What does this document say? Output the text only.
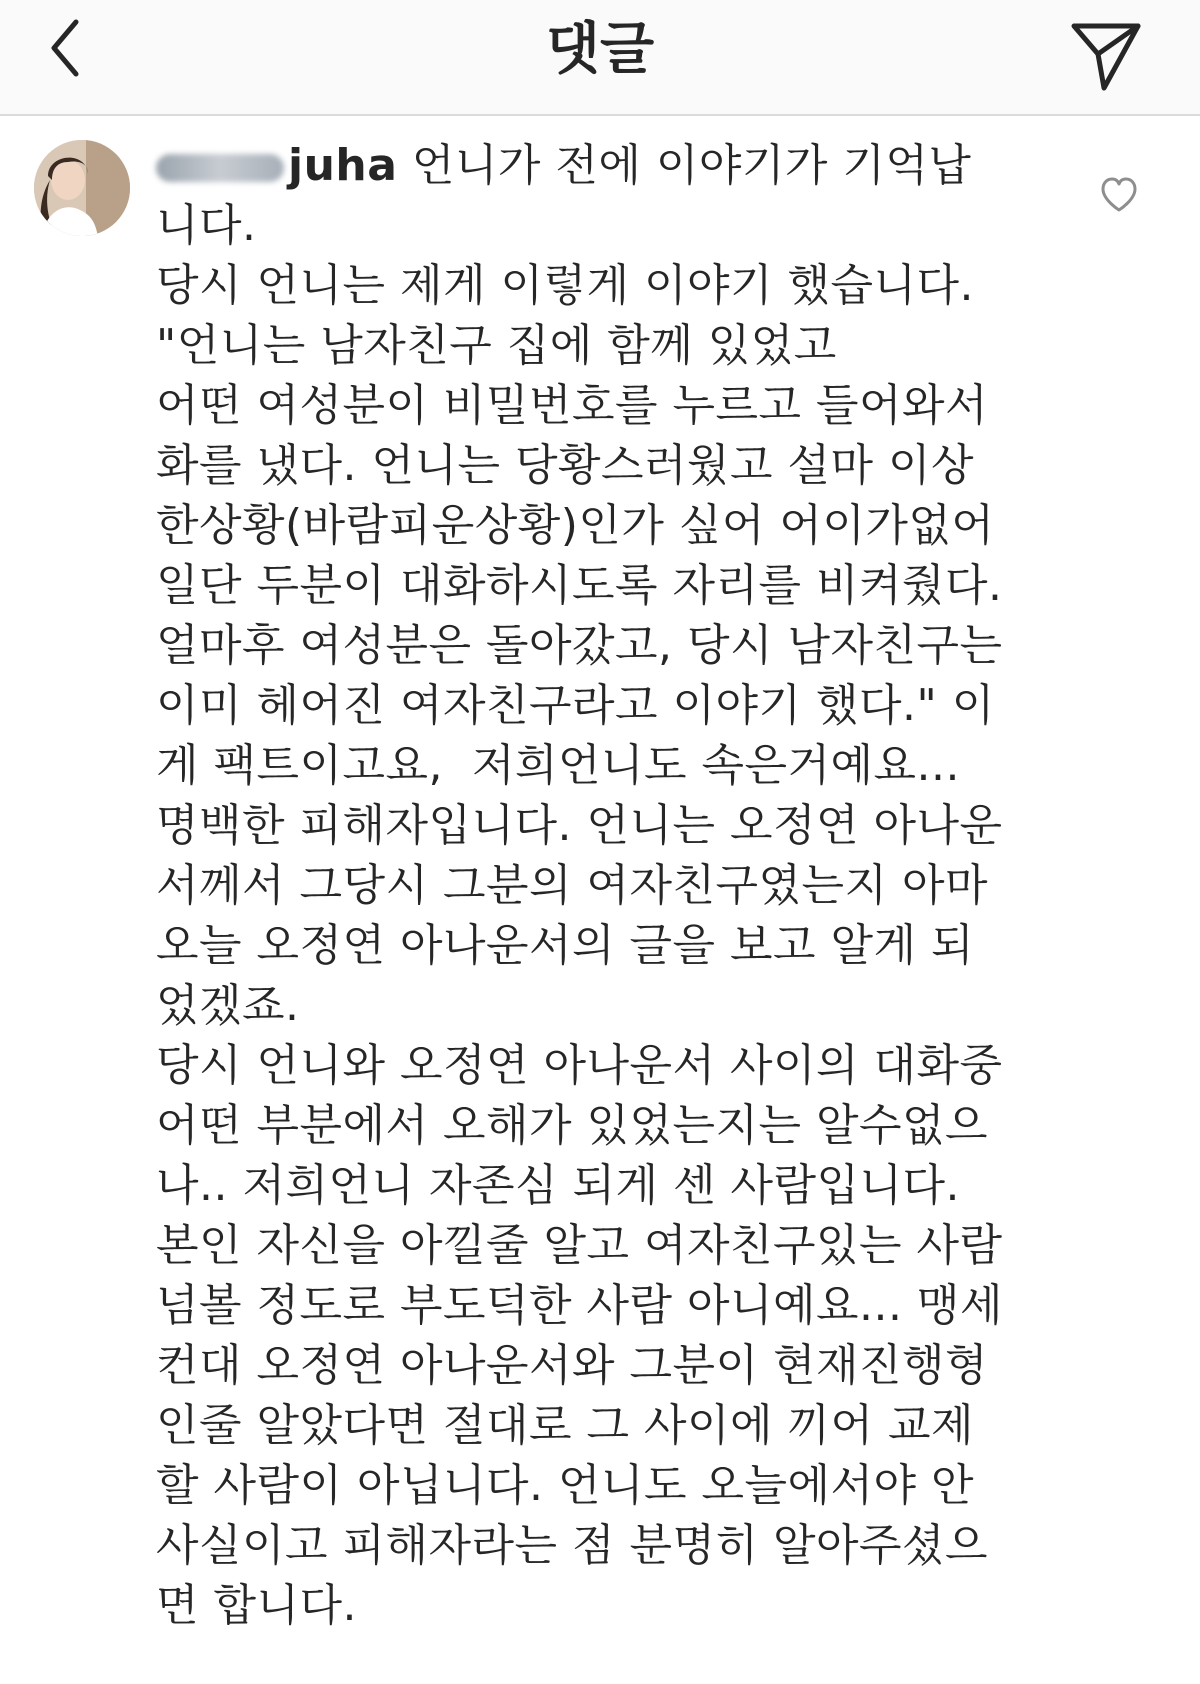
댓글
juha 언니가 전에 이야기가 기억납
니다.
당시 언니는 제게 이렇게 이야기 했습니다.
"언니는 남자친구 집에 함께 있었고
어떤 여성분이 비밀번호를 누르고 들어와서
화를 냈다. 언니는 당황스러웠고 설마 이상
한상황(바람피운상황)인가 싶어 어이가없어
일단 두분이 대화하시도록 자리를 비켜줬다.
얼마후 여성분은 돌아갔고, 당시 남자친구는
이미 헤어진 여자친구라고 이야기 했다." 이
게 팩트이고요,  저희언니도 속은거예요...
명백한 피해자입니다. 언니는 오정연 아나운
서께서 그당시 그분의 여자친구였는지 아마
오늘 오정연 아나운서의 글을 보고 알게 되
었겠죠.
당시 언니와 오정연 아나운서 사이의 대화중
어떤 부분에서 오해가 있었는지는 알수없으
나.. 저희언니 자존심 되게 센 사람입니다.
본인 자신을 아낄줄 알고 여자친구있는 사람
넘볼 정도로 부도덕한 사람 아니예요... 맹세
컨대 오정연 아나운서와 그분이 현재진행형
인줄 알았다면 절대로 그 사이에 끼어 교제
할 사람이 아닙니다. 언니도 오늘에서야 안
사실이고 피해자라는 점 분명히 알아주셨으
면 합니다.
